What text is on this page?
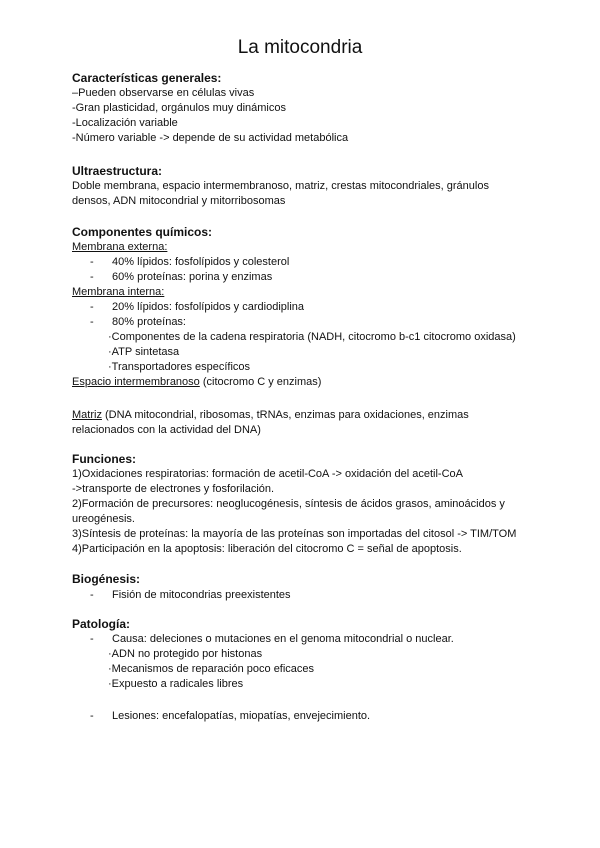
La mitocondria

Características generales:

–Pueden observarse en células vivas

-Gran plasticidad, orgánulos muy dinámicos

-Localización variable

-Número variable -> depende de su actividad metabólica

Ultraestructura:

Doble membrana, espacio intermembranoso, matriz, crestas mitocondriales, gránulos

densos, ADN mitocondrial y mitorribosomas

Componentes químicos:

Membrana externa:

-	40% lípidos: fosfolípidos y colesterol
-	60% proteínas: porina y enzimas

Membrana interna:

-	20% lípidos: fosfolípidos y cardiodiplina
-	80% proteínas:

·Componentes de la cadena respiratoria (NADH, citocromo b-c1 citocromo oxidasa)

·ATP sintetasa

·Transportadores específicos

Espacio intermembranoso (citocromo C y enzimas)

Matriz (DNA mitocondrial, ribosomas, tRNAs, enzimas para oxidaciones, enzimas

relacionados con la actividad del DNA)

Funciones:

1)Oxidaciones respiratorias: formación de acetil-CoA -> oxidación del acetil-CoA

->transporte de electrones y fosforilación.

2)Formación de precursores: neoglucogénesis, síntesis de ácidos grasos, aminoácidos y

ureogénesis.

3)Síntesis de proteínas: la mayoría de las proteínas son importadas del citosol -> TIM/TOM

4)Participación en la apoptosis: liberación del citocromo C = señal de apoptosis.

Biogénesis:

-	Fisión de mitocondrias preexistentes

Patología:

-	Causa: deleciones o mutaciones en el genoma mitocondrial o nuclear.

·ADN no protegido por histonas

·Mecanismos de reparación poco eficaces

·Expuesto a radicales libres

-	Lesiones: encefalopatías, miopatías, envejecimiento.
